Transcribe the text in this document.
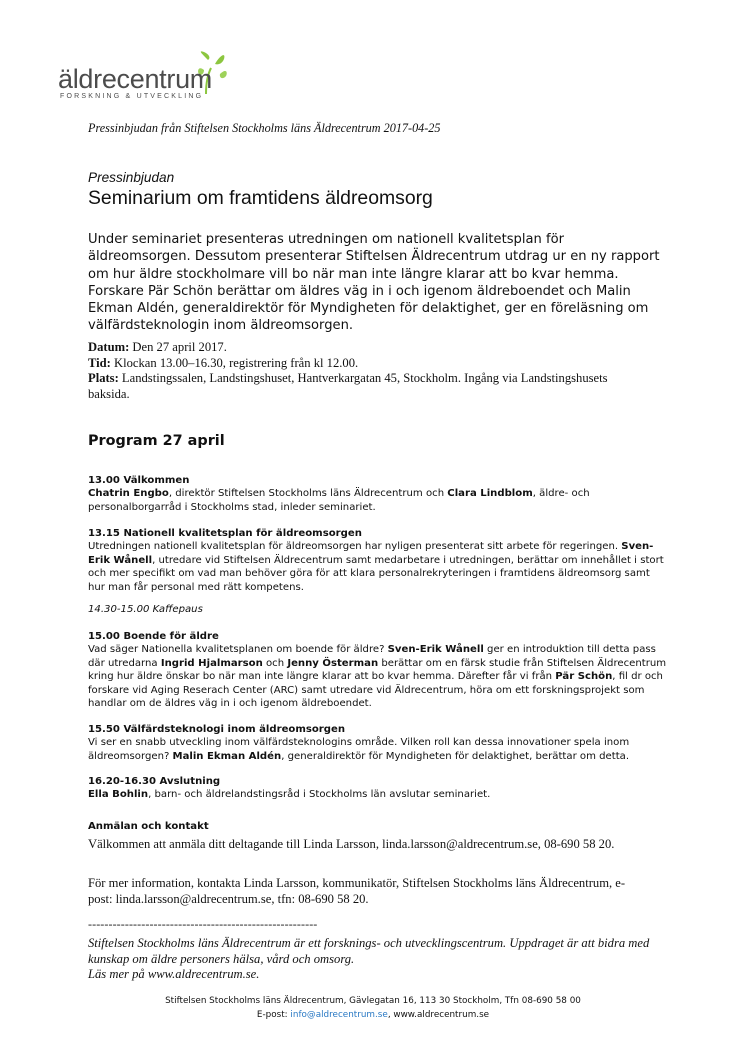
äldrecentrum
FORSKNING & UTVECKLING
Pressinbjudan från Stiftelsen Stockholms läns Äldrecentrum 2017-04-25
Pressinbjudan
Seminarium om framtidens äldreomsorg
Under seminariet presenteras utredningen om nationell kvalitetsplan för äldreomsorgen. Dessutom presenterar Stiftelsen Äldrecentrum utdrag ur en ny rapport om hur äldre stockholmare vill bo när man inte längre klarar att bo kvar hemma. Forskare Pär Schön berättar om äldres väg in i och igenom äldreboendet och Malin Ekman Aldén, generaldirektör för Myndigheten för delaktighet, ger en föreläsning om välfärdsteknologin inom äldreomsorgen.
Datum: Den 27 april 2017.
Tid: Klockan 13.00–16.30, registrering från kl 12.00.
Plats: Landstingssalen, Landstingshuset, Hantverkargatan 45, Stockholm. Ingång via Landstingshusets baksida.
Program 27 april
13.00 Välkommen
Chatrin Engbo, direktör Stiftelsen Stockholms läns Äldrecentrum och Clara Lindblom, äldre- och personalborgarråd i Stockholms stad, inleder seminariet.
13.15 Nationell kvalitetsplan för äldreomsorgen
Utredningen nationell kvalitetsplan för äldreomsorgen har nyligen presenterat sitt arbete för regeringen. Sven-Erik Wånell, utredare vid Stiftelsen Äldrecentrum samt medarbetare i utredningen, berättar om innehållet i stort och mer specifikt om vad man behöver göra för att klara personalrekryteringen i framtidens äldreomsorg samt hur man får personal med rätt kompetens.
14.30-15.00 Kaffepaus
15.00 Boende för äldre
Vad säger Nationella kvalitetsplanen om boende för äldre? Sven-Erik Wånell ger en introduktion till detta pass där utredarna Ingrid Hjalmarson och Jenny Österman berättar om en färsk studie från Stiftelsen Äldrecentrum kring hur äldre önskar bo när man inte längre klarar att bo kvar hemma. Därefter får vi från Pär Schön, fil dr och forskare vid Aging Reserach Center (ARC) samt utredare vid Äldrecentrum, höra om ett forskningsprojekt som handlar om de äldres väg in i och igenom äldreboendet.
15.50 Välfärdsteknologi inom äldreomsorgen
Vi ser en snabb utveckling inom välfärdsteknologins område. Vilken roll kan dessa innovationer spela inom äldreomsorgen? Malin Ekman Aldén, generaldirektör för Myndigheten för delaktighet, berättar om detta.
16.20-16.30 Avslutning
Ella Bohlin, barn- och äldrelandstingsråd i Stockholms län avslutar seminariet.
Anmälan och kontakt
Välkommen att anmäla ditt deltagande till Linda Larsson, linda.larsson@aldrecentrum.se, 08-690 58 20.
För mer information, kontakta Linda Larsson, kommunikatör, Stiftelsen Stockholms läns Äldrecentrum, e-post: linda.larsson@aldrecentrum.se, tfn: 08-690 58 20.
--------------------------------------------------------
Stiftelsen Stockholms läns Äldrecentrum är ett forsknings- och utvecklingscentrum. Uppdraget är att bidra med kunskap om äldre personers hälsa, vård och omsorg.
Läs mer på www.aldrecentrum.se.
Stiftelsen Stockholms läns Äldrecentrum, Gävlegatan 16, 113 30 Stockholm, Tfn 08-690 58 00
E-post: info@aldrecentrum.se, www.aldrecentrum.se
